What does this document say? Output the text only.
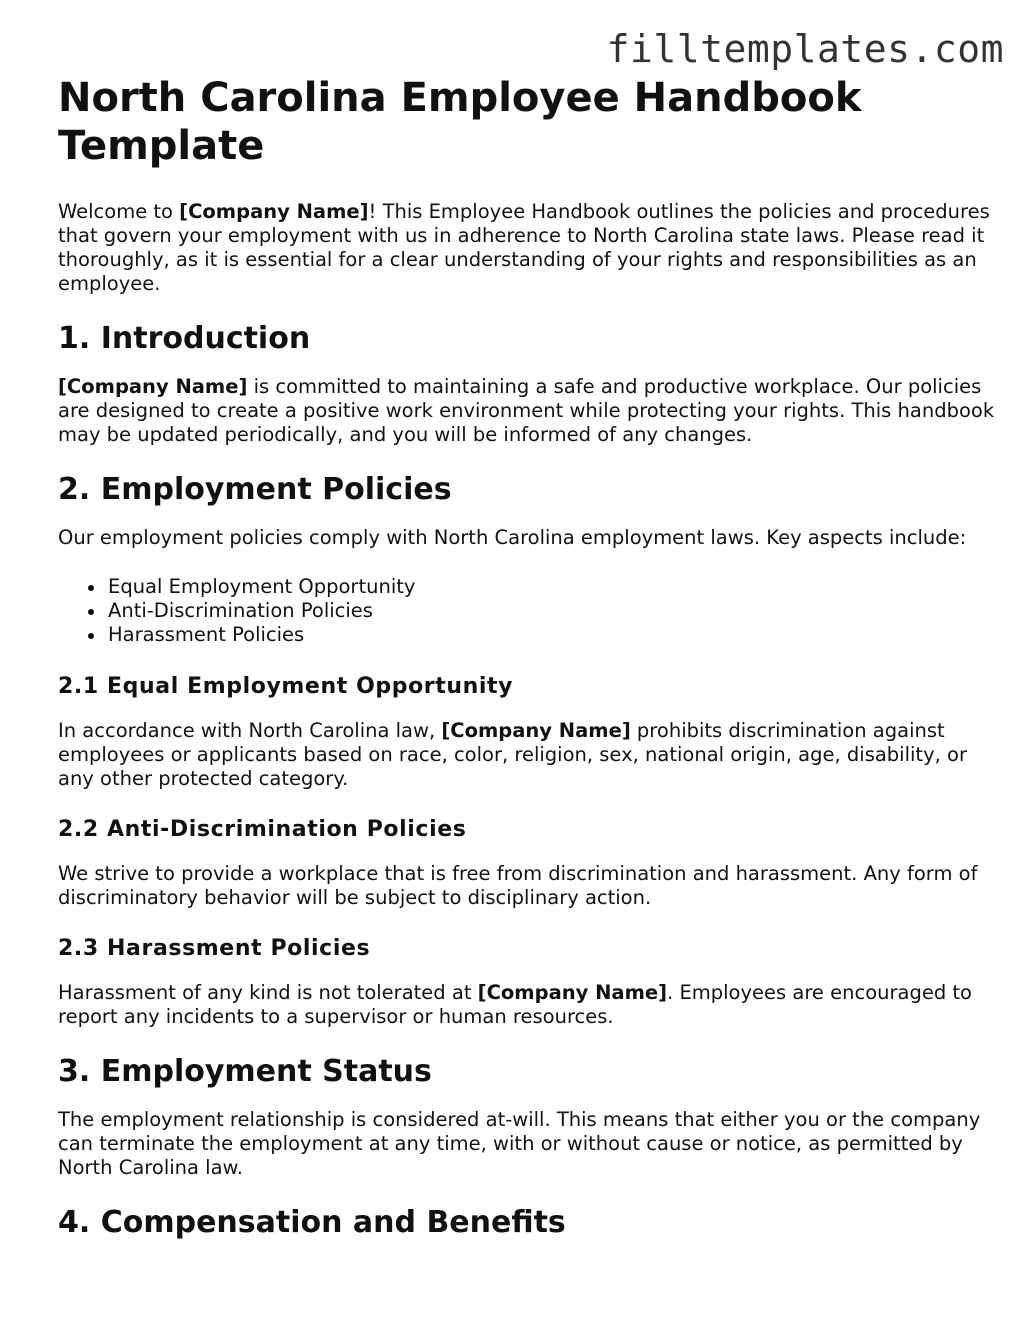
filltemplates.com
North Carolina Employee Handbook Template

Welcome to [Company Name]! This Employee Handbook outlines the policies and procedures that govern your employment with us in adherence to North Carolina state laws. Please read it thoroughly, as it is essential for a clear understanding of your rights and responsibilities as an employee.

1. Introduction

[Company Name] is committed to maintaining a safe and productive workplace. Our policies are designed to create a positive work environment while protecting your rights. This handbook may be updated periodically, and you will be informed of any changes.

2. Employment Policies

Our employment policies comply with North Carolina employment laws. Key aspects include:

Equal Employment Opportunity
Anti-Discrimination Policies
Harassment Policies
2.1 Equal Employment Opportunity

In accordance with North Carolina law, [Company Name] prohibits discrimination against employees or applicants based on race, color, religion, sex, national origin, age, disability, or any other protected category.

2.2 Anti-Discrimination Policies

We strive to provide a workplace that is free from discrimination and harassment. Any form of discriminatory behavior will be subject to disciplinary action.

2.3 Harassment Policies

Harassment of any kind is not tolerated at [Company Name]. Employees are encouraged to report any incidents to a supervisor or human resources.

3. Employment Status

The employment relationship is considered at-will. This means that either you or the company can terminate the employment at any time, with or without cause or notice, as permitted by North Carolina law.

4. Compensation and Benefits
